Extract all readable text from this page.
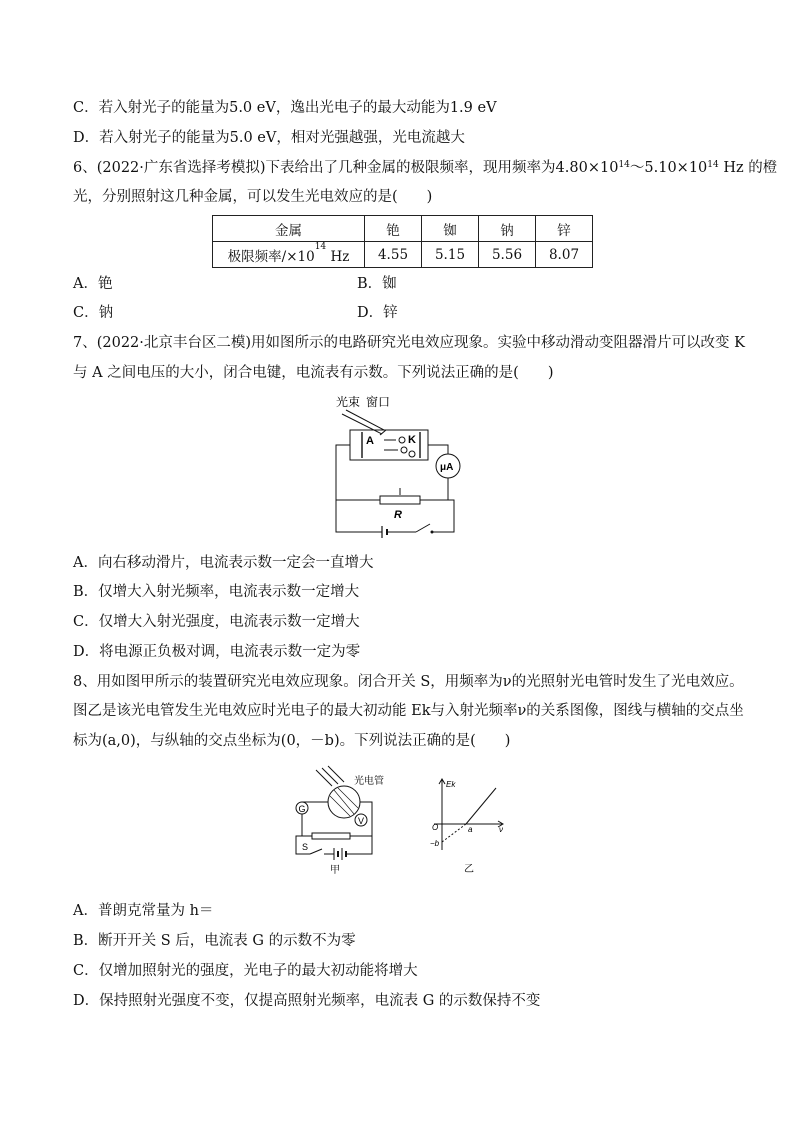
C．若入射光子的能量为5.0 eV，逸出光电子的最大动能为1.9 eV
D．若入射光子的能量为5.0 eV，相对光强越强，光电流越大
6、(2022·广东省选择考模拟)下表给出了几种金属的极限频率，现用频率为$4.80\times 10^{14}\sim 5.10\times 10^{14}$ Hz 的橙
光，分别照射这几种金属，可以发生光电效应的是(　　)
金属	铯	铷	钠	锌
极限频率$/\times 10^{14}$ Hz	4.55	5.15	5.56	8.07
A．铯	B．铷
C．钠	D．锌
7、(2022·北京丰台区二模)用如图所示的电路研究光电效应现象。实验中移动滑动变阻器滑片可以改变 K
与 A 之间电压的大小，闭合电键，电流表有示数。下列说法正确的是(　　)
光束 窗口
A	K
μA
R
A．向右移动滑片，电流表示数一定会一直增大
B．仅增大入射光频率，电流表示数一定增大
C．仅增大入射光强度，电流表示数一定增大
D．将电源正负极对调，电流表示数一定为零
8、用如图甲所示的装置研究光电效应现象。闭合开关 S，用频率为ν的光照射光电管时发生了光电效应。
图乙是该光电管发生光电效应时光电子的最大初动能 Ek与入射光频率ν的关系图像，图线与横轴的交点坐
标为(a,0)，与纵轴的交点坐标为(0，－b)。下列说法正确的是(　　)
光电管
G
V
S
甲
Ek
O	a	ν
−b
乙
A．普朗克常量为 h＝
B．断开开关 S 后，电流表 G 的示数不为零
C．仅增加照射光的强度，光电子的最大初动能将增大
D．保持照射光强度不变，仅提高照射光频率，电流表 G 的示数保持不变
